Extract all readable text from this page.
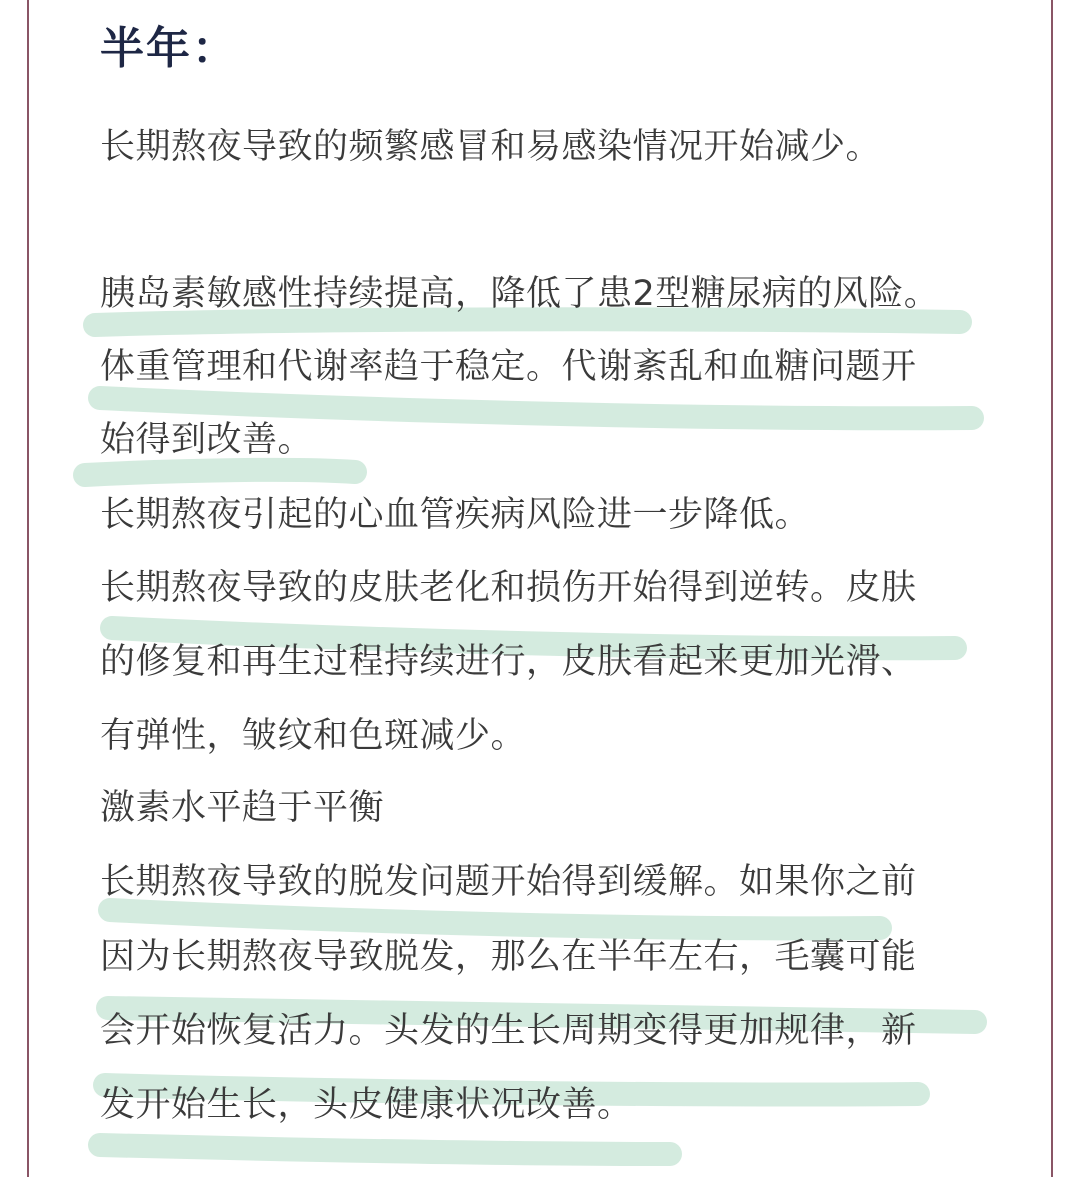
半年：
长期熬夜导致的频繁感冒和易感染情况开始减少。
胰岛素敏感性持续提高，降低了患2型糖尿病的风险。
体重管理和代谢率趋于稳定。代谢紊乱和血糖问题开
始得到改善。
长期熬夜引起的心血管疾病风险进一步降低。
长期熬夜导致的皮肤老化和损伤开始得到逆转。皮肤
的修复和再生过程持续进行，皮肤看起来更加光滑、
有弹性，皱纹和色斑减少。
激素水平趋于平衡
长期熬夜导致的脱发问题开始得到缓解。如果你之前
因为长期熬夜导致脱发，那么在半年左右，毛囊可能
会开始恢复活力。头发的生长周期变得更加规律，新
发开始生长，头皮健康状况改善。
